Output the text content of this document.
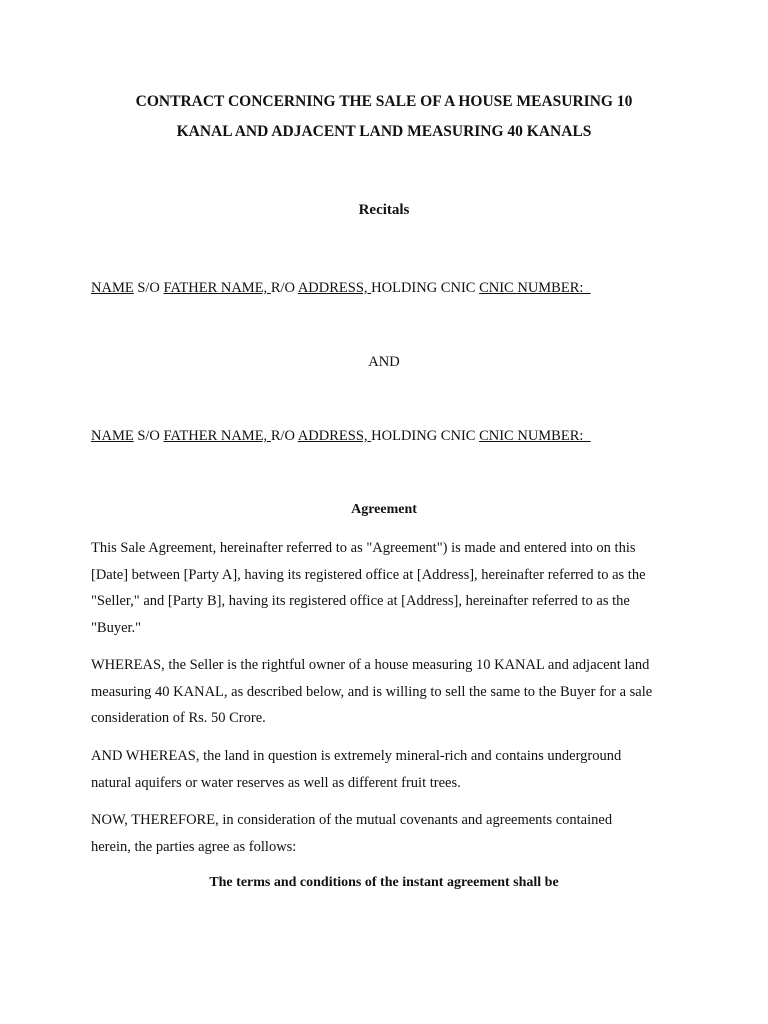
CONTRACT CONCERNING THE SALE OF A HOUSE MEASURING 10
KANAL AND ADJACENT LAND MEASURING 40 KANALS
Recitals
NAME S/O FATHER NAME, R/O ADDRESS, HOLDING CNIC CNIC NUMBER:
AND
NAME S/O FATHER NAME, R/O ADDRESS, HOLDING CNIC CNIC NUMBER:
Agreement
This Sale Agreement, hereinafter referred to as "Agreement") is made and entered into on this
[Date] between [Party A], having its registered office at [Address], hereinafter referred to as the
"Seller," and [Party B], having its registered office at [Address], hereinafter referred to as the
"Buyer."
WHEREAS, the Seller is the rightful owner of a house measuring 10 KANAL and adjacent land
measuring 40 KANAL, as described below, and is willing to sell the same to the Buyer for a sale
consideration of Rs. 50 Crore.
AND WHEREAS, the land in question is extremely mineral-rich and contains underground
natural aquifers or water reserves as well as different fruit trees.
NOW, THEREFORE, in consideration of the mutual covenants and agreements contained
herein, the parties agree as follows:
The terms and conditions of the instant agreement shall be
